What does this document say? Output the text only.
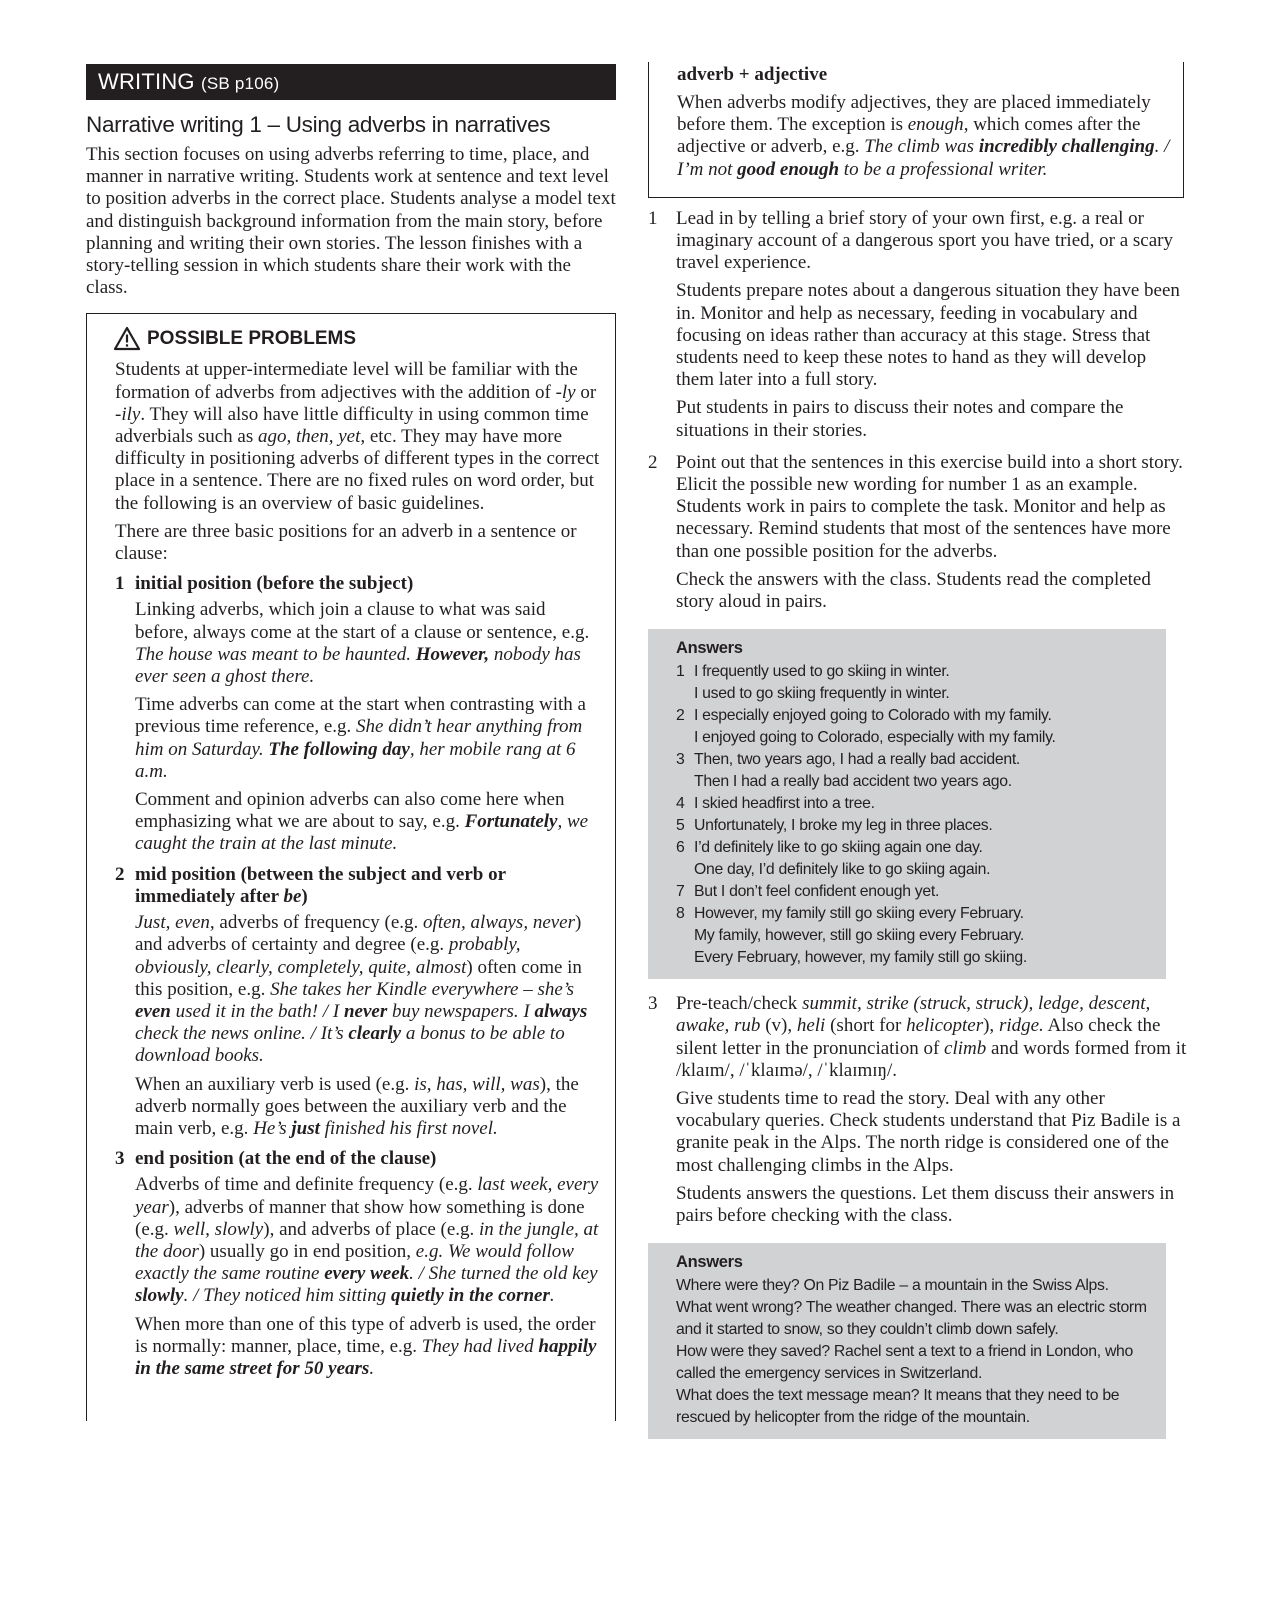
WRITING (SB p106)
Narrative writing 1 – Using adverbs in narratives

This section focuses on using adverbs referring to time, place, and manner in narrative writing. Students work at sentence and text level to position adverbs in the correct place. Students analyse a model text and distinguish background information from the main story, before planning and writing their own stories. The lesson finishes with a story-telling session in which students share their work with the class.

POSSIBLE PROBLEMS

Students at upper-intermediate level will be familiar with the formation of adverbs from adjectives with the addition of -ly or -ily. They will also have little difficulty in using common time adverbials such as ago, then, yet, etc. They may have more difficulty in positioning adverbs of different types in the correct place in a sentence. There are no fixed rules on word order, but the following is an overview of basic guidelines.

There are three basic positions for an adverb in a sentence or clause:

1 initial position (before the subject)

Linking adverbs, which join a clause to what was said before, always come at the start of a clause or sentence, e.g. The house was meant to be haunted. However, nobody has ever seen a ghost there.

Time adverbs can come at the start when contrasting with a previous time reference, e.g. She didn’t hear anything from him on Saturday. The following day, her mobile rang at 6 a.m.

Comment and opinion adverbs can also come here when emphasizing what we are about to say, e.g. Fortunately, we caught the train at the last minute.

2 mid position (between the subject and verb or immediately after be)

Just, even, adverbs of frequency (e.g. often, always, never) and adverbs of certainty and degree (e.g. probably, obviously, clearly, completely, quite, almost) often come in this position, e.g. She takes her Kindle everywhere – she’s even used it in the bath! / I never buy newspapers. I always check the news online. / It’s clearly a bonus to be able to download books.

When an auxiliary verb is used (e.g. is, has, will, was), the adverb normally goes between the auxiliary verb and the main verb, e.g. He’s just finished his first novel.

3 end position (at the end of the clause)

Adverbs of time and definite frequency (e.g. last week, every year), adverbs of manner that show how something is done (e.g. well, slowly), and adverbs of place (e.g. in the jungle, at the door) usually go in end position, e.g. We would follow exactly the same routine every week. / She turned the old key slowly. / They noticed him sitting quietly in the corner.

When more than one of this type of adverb is used, the order is normally: manner, place, time, e.g. They had lived happily in the same street for 50 years.

adverb + adjective

When adverbs modify adjectives, they are placed immediately before them. The exception is enough, which comes after the adjective or adverb, e.g. The climb was incredibly challenging. / I’m not good enough to be a professional writer.

1 Lead in by telling a brief story of your own first, e.g. a real or imaginary account of a dangerous sport you have tried, or a scary travel experience.

Students prepare notes about a dangerous situation they have been in. Monitor and help as necessary, feeding in vocabulary and focusing on ideas rather than accuracy at this stage. Stress that students need to keep these notes to hand as they will develop them later into a full story.

Put students in pairs to discuss their notes and compare the situations in their stories.

2 Point out that the sentences in this exercise build into a short story. Elicit the possible new wording for number 1 as an example. Students work in pairs to complete the task. Monitor and help as necessary. Remind students that most of the sentences have more than one possible position for the adverbs.

Check the answers with the class. Students read the completed story aloud in pairs.

Answers
1 I frequently used to go skiing in winter.
I used to go skiing frequently in winter.
2 I especially enjoyed going to Colorado with my family.
I enjoyed going to Colorado, especially with my family.
3 Then, two years ago, I had a really bad accident.
Then I had a really bad accident two years ago.
4 I skied headfirst into a tree.
5 Unfortunately, I broke my leg in three places.
6 I’d definitely like to go skiing again one day.
One day, I’d definitely like to go skiing again.
7 But I don’t feel confident enough yet.
8 However, my family still go skiing every February.
My family, however, still go skiing every February.
Every February, however, my family still go skiing.
3 Pre-teach/check summit, strike (struck, struck), ledge, descent, awake, rub (v), heli (short for helicopter), ridge. Also check the silent letter in the pronunciation of climb and words formed from it /klaɪm/, /ˈklaɪmə/, /ˈklaɪmɪŋ/.

Give students time to read the story. Deal with any other vocabulary queries. Check students understand that Piz Badile is a granite peak in the Alps. The north ridge is considered one of the most challenging climbs in the Alps.

Students answers the questions. Let them discuss their answers in pairs before checking with the class.

Answers

Where were they? On Piz Badile – a mountain in the Swiss Alps.

What went wrong? The weather changed. There was an electric storm and it started to snow, so they couldn’t climb down safely.

How were they saved? Rachel sent a text to a friend in London, who called the emergency services in Switzerland.

What does the text message mean? It means that they need to be rescued by helicopter from the ridge of the mountain.
